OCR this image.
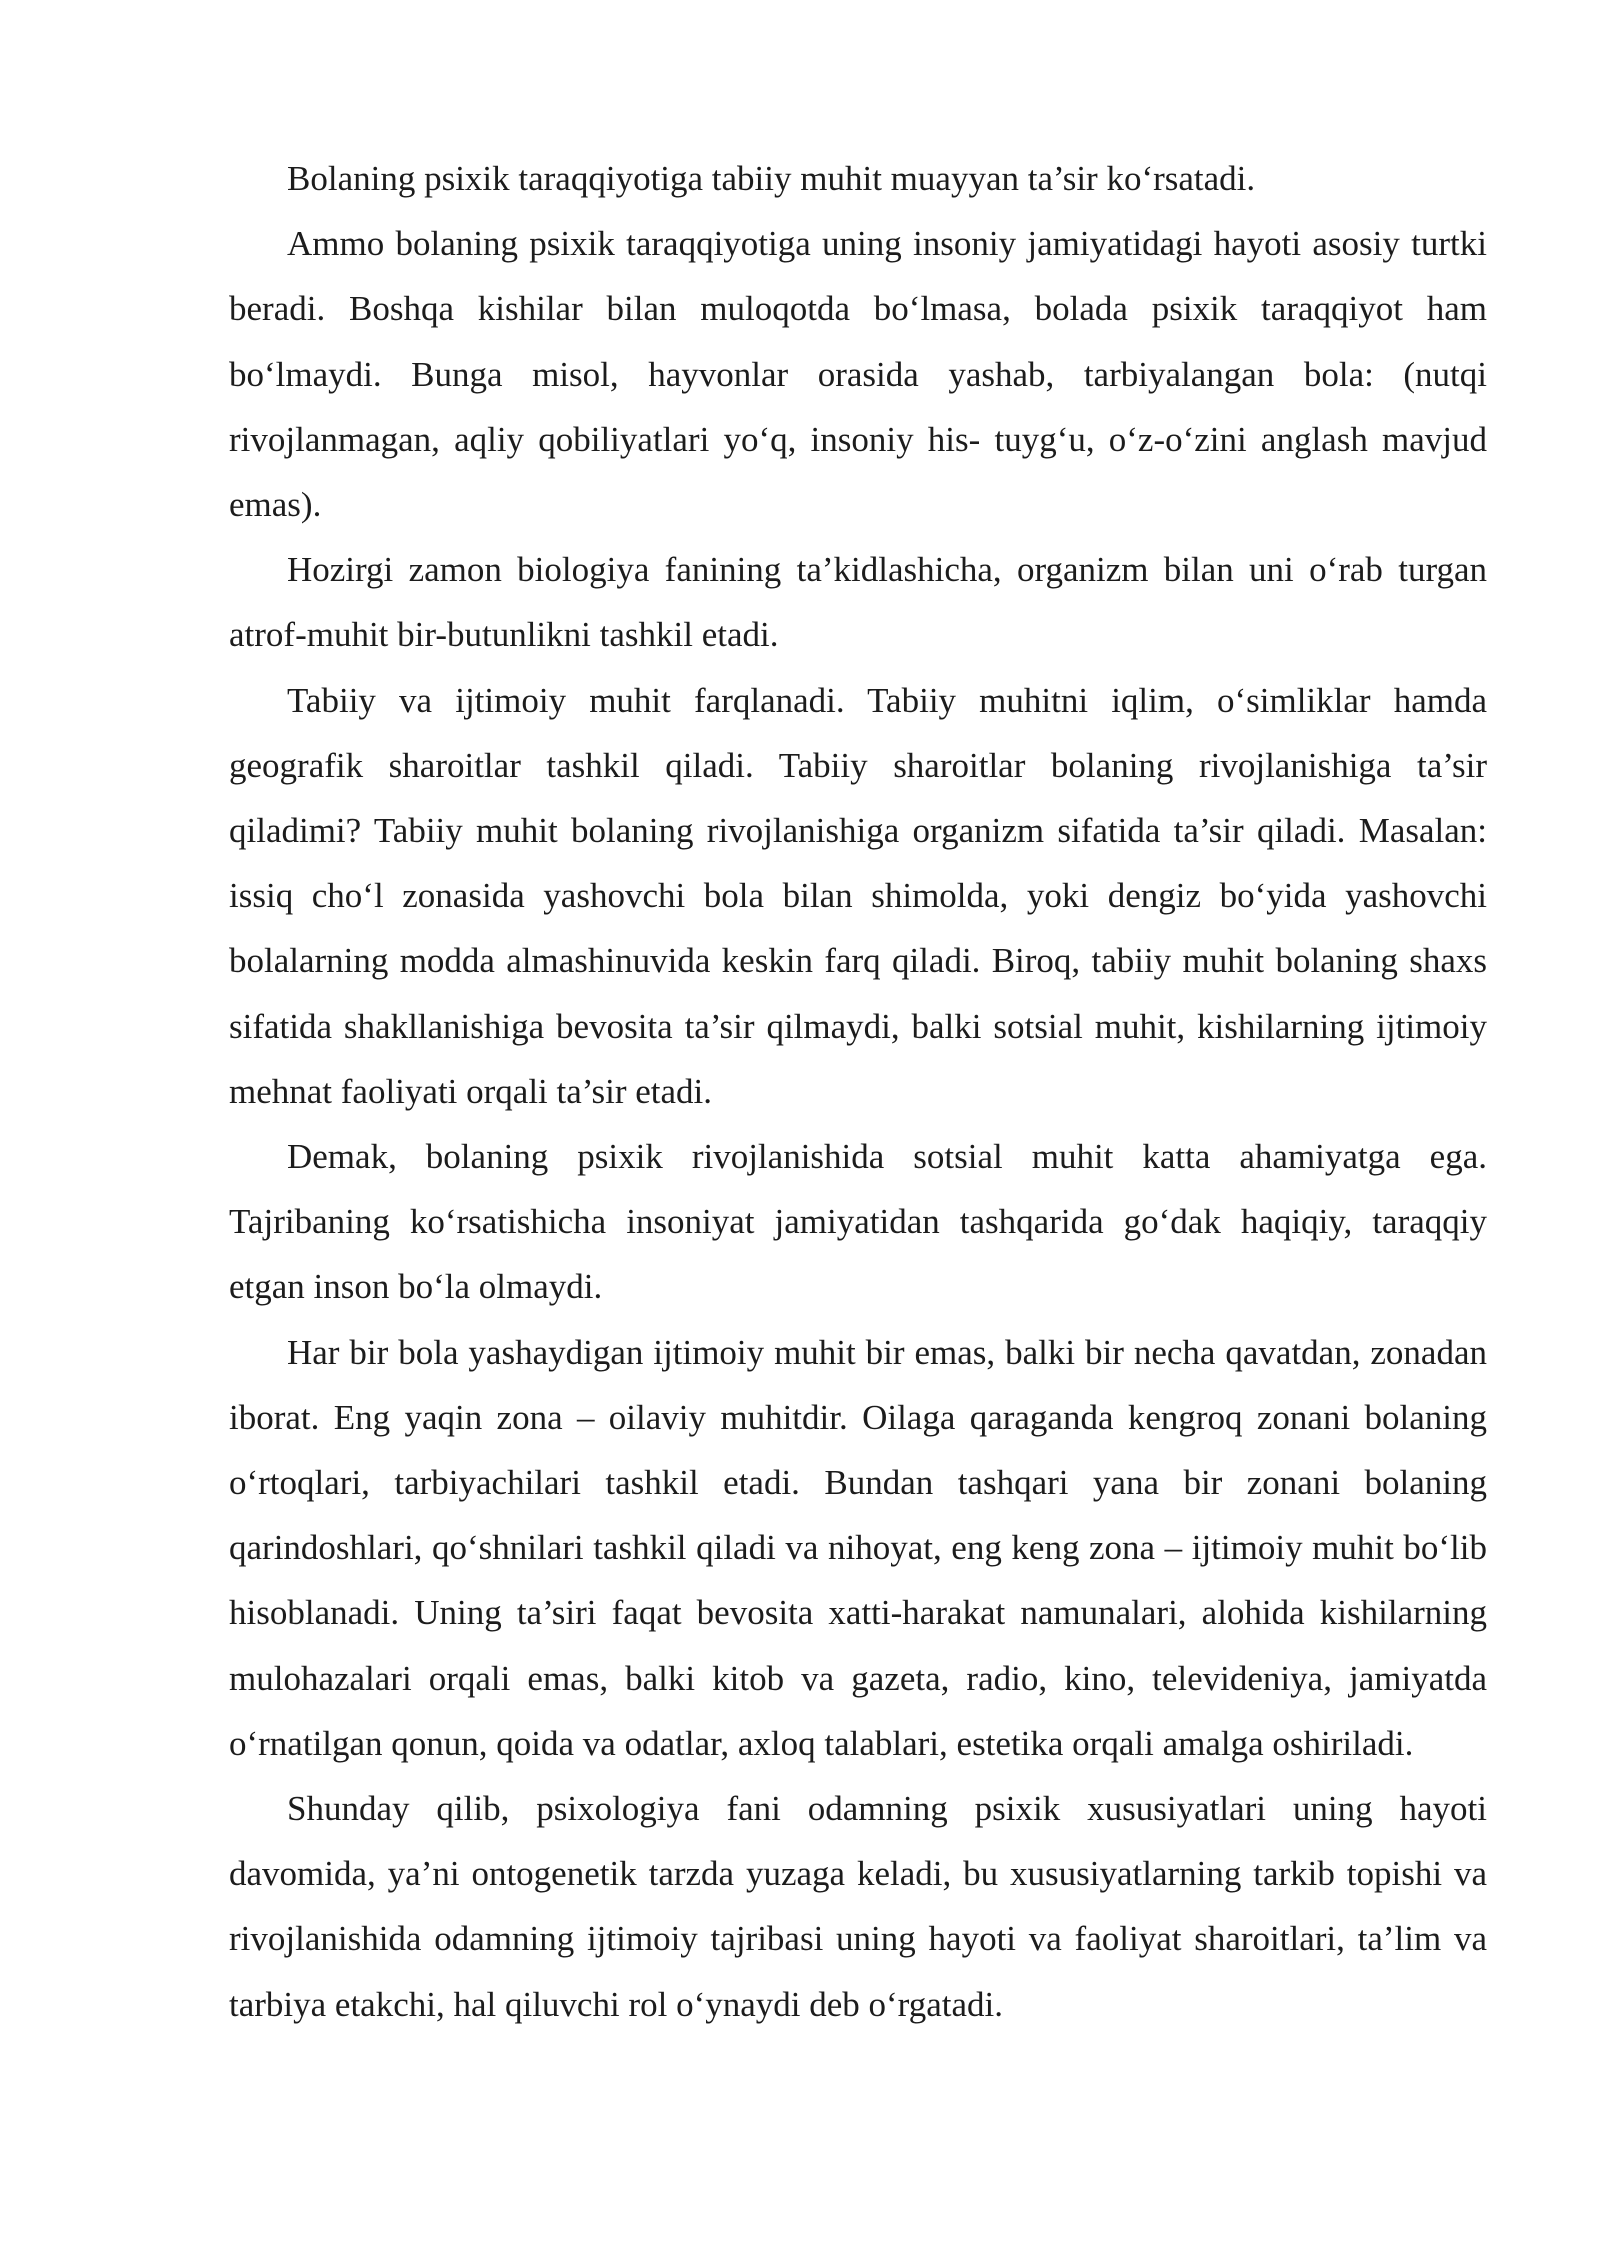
Bolaning psixik taraqqiyotiga tabiiy muhit muayyan ta’sir ko‘rsatadi.

Ammo bolaning psixik taraqqiyotiga uning insoniy jamiyatidagi hayoti asosiy turtki beradi. Boshqa kishilar bilan muloqotda bo‘lmasa, bolada psixik taraqqiyot ham bo‘lmaydi. Bunga misol, hayvonlar orasida yashab, tarbiyalangan bola: (nutqi rivojlanmagan, aqliy qobiliyatlari yo‘q, insoniy his- tuyg‘u, o‘z-o‘zini anglash mavjud emas).

Hozirgi zamon biologiya fanining ta’kidlashicha, organizm bilan uni o‘rab turgan atrof-muhit bir-butunlikni tashkil etadi.

Tabiiy va ijtimoiy muhit farqlanadi. Tabiiy muhitni iqlim, o‘simliklar hamda geografik sharoitlar tashkil qiladi. Tabiiy sharoitlar bolaning rivojlanishiga ta’sir qiladimi? Tabiiy muhit bolaning rivojlanishiga organizm sifatida ta’sir qiladi. Masalan: issiq cho‘l zonasida yashovchi bola bilan shimolda, yoki dengiz bo‘yida yashovchi bolalarning modda almashinuvida keskin farq qiladi. Biroq, tabiiy muhit bolaning shaxs sifatida shakllanishiga bevosita ta’sir qilmaydi, balki sotsial muhit, kishilarning ijtimoiy mehnat faoliyati orqali ta’sir etadi.

Demak, bolaning psixik rivojlanishida sotsial muhit katta ahamiyatga ega. Tajribaning ko‘rsatishicha insoniyat jamiyatidan tashqarida go‘dak haqiqiy, taraqqiy etgan inson bo‘la olmaydi.

Har bir bola yashaydigan ijtimoiy muhit bir emas, balki bir necha qavatdan, zonadan iborat. Eng yaqin zona – oilaviy muhitdir. Oilaga qaraganda kengroq zonani bolaning o‘rtoqlari, tarbiyachilari tashkil etadi. Bundan tashqari yana bir zonani bolaning qarindoshlari, qo‘shnilari tashkil qiladi va nihoyat, eng keng zona – ijtimoiy muhit bo‘lib hisoblanadi. Uning ta’siri faqat bevosita xatti-harakat namunalari, alohida kishilarning mulohazalari orqali emas, balki kitob va gazeta, radio, kino, televideniya, jamiyatda o‘rnatilgan qonun, qoida va odatlar, axloq talablari, estetika orqali amalga oshiriladi.

Shunday qilib, psixologiya fani odamning psixik xususiyatlari uning hayoti davomida, ya’ni ontogenetik tarzda yuzaga keladi, bu xususiyatlarning tarkib topishi va rivojlanishida odamning ijtimoiy tajribasi uning hayoti va faoliyat sharoitlari, ta’lim va tarbiya etakchi, hal qiluvchi rol o‘ynaydi deb o‘rgatadi.
